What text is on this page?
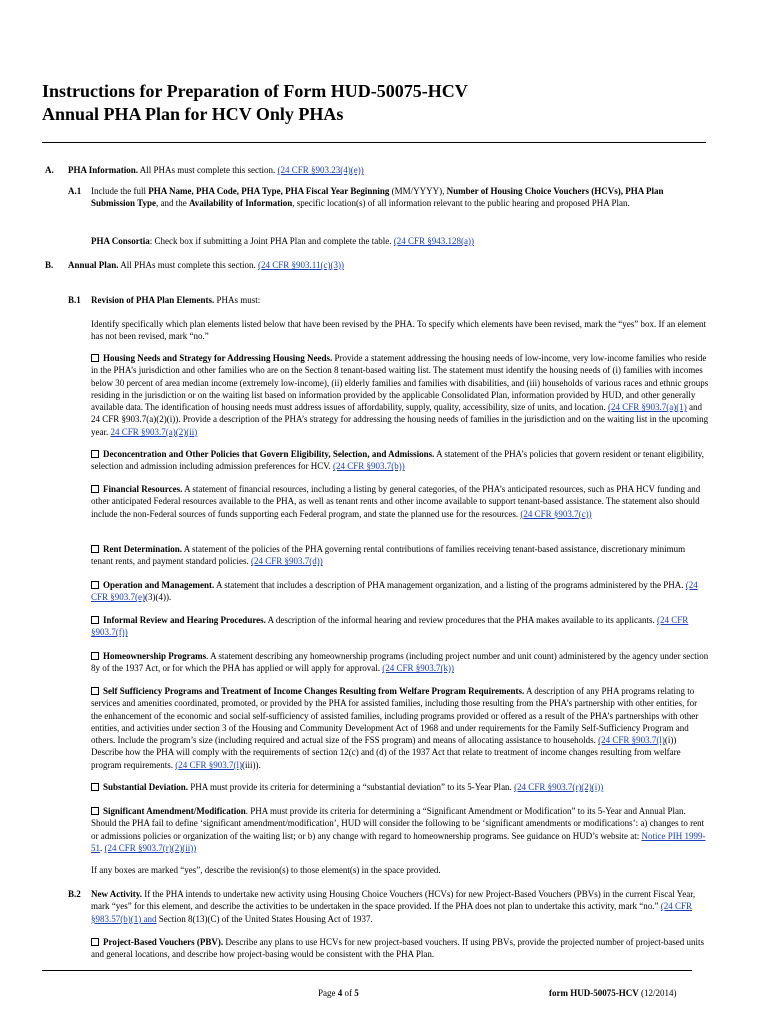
Instructions for Preparation of Form HUD-50075-HCV
Annual PHA Plan for HCV Only PHAs
A. PHA Information. All PHAs must complete this section. (24 CFR §903.23(4)(e))
A.1 Include the full PHA Name, PHA Code, PHA Type, PHA Fiscal Year Beginning (MM/YYYY), Number of Housing Choice Vouchers (HCVs), PHA Plan Submission Type, and the Availability of Information, specific location(s) of all information relevant to the public hearing and proposed PHA Plan.
PHA Consortia: Check box if submitting a Joint PHA Plan and complete the table. (24 CFR §943.128(a))
B. Annual Plan. All PHAs must complete this section. (24 CFR §903.11(c)(3))
B.1 Revision of PHA Plan Elements. PHAs must:
Identify specifically which plan elements listed below that have been revised by the PHA. To specify which elements have been revised, mark the “yes” box. If an element has not been revised, mark “no.”
Housing Needs and Strategy for Addressing Housing Needs. Provide a statement addressing the housing needs of low-income, very low-income families who reside in the PHA’s jurisdiction and other families who are on the Section 8 tenant-based waiting list. The statement must identify the housing needs of (i) families with incomes below 30 percent of area median income (extremely low-income), (ii) elderly families and families with disabilities, and (iii) households of various races and ethnic groups residing in the jurisdiction or on the waiting list based on information provided by the applicable Consolidated Plan, information provided by HUD, and other generally available data. The identification of housing needs must address issues of affordability, supply, quality, accessibility, size of units, and location. (24 CFR §903.7(a)(1) and 24 CFR §903.7(a)(2)(i)). Provide a description of the PHA’s strategy for addressing the housing needs of families in the jurisdiction and on the waiting list in the upcoming year. 24 CFR §903.7(a)(2)(ii)
Deconcentration and Other Policies that Govern Eligibility, Selection, and Admissions. A statement of the PHA’s policies that govern resident or tenant eligibility, selection and admission including admission preferences for HCV. (24 CFR §903.7(b))
Financial Resources. A statement of financial resources, including a listing by general categories, of the PHA’s anticipated resources, such as PHA HCV funding and other anticipated Federal resources available to the PHA, as well as tenant rents and other income available to support tenant-based assistance. The statement also should include the non-Federal sources of funds supporting each Federal program, and state the planned use for the resources. (24 CFR §903.7(c))
Rent Determination. A statement of the policies of the PHA governing rental contributions of families receiving tenant-based assistance, discretionary minimum tenant rents, and payment standard policies. (24 CFR §903.7(d))
Operation and Management. A statement that includes a description of PHA management organization, and a listing of the programs administered by the PHA. (24 CFR §903.7(e)(3)(4)).
Informal Review and Hearing Procedures. A description of the informal hearing and review procedures that the PHA makes available to its applicants. (24 CFR §903.7(f))
Homeownership Programs. A statement describing any homeownership programs (including project number and unit count) administered by the agency under section 8y of the 1937 Act, or for which the PHA has applied or will apply for approval. (24 CFR §903.7(k))
Self Sufficiency Programs and Treatment of Income Changes Resulting from Welfare Program Requirements. A description of any PHA programs relating to services and amenities coordinated, promoted, or provided by the PHA for assisted families, including those resulting from the PHA’s partnership with other entities, for the enhancement of the economic and social self-sufficiency of assisted families, including programs provided or offered as a result of the PHA’s partnerships with other entities, and activities under section 3 of the Housing and Community Development Act of 1968 and under requirements for the Family Self-Sufficiency Program and others. Include the program’s size (including required and actual size of the FSS program) and means of allocating assistance to households. (24 CFR §903.7(l)(i)) Describe how the PHA will comply with the requirements of section 12(c) and (d) of the 1937 Act that relate to treatment of income changes resulting from welfare program requirements. (24 CFR §903.7(l)(iii)).
Substantial Deviation. PHA must provide its criteria for determining a “substantial deviation” to its 5-Year Plan. (24 CFR §903.7(r)(2)(i))
Significant Amendment/Modification. PHA must provide its criteria for determining a “Significant Amendment or Modification” to its 5-Year and Annual Plan. Should the PHA fail to define ‘significant amendment/modification’, HUD will consider the following to be ‘significant amendments or modifications’: a) changes to rent or admissions policies or organization of the waiting list; or b) any change with regard to homeownership programs. See guidance on HUD’s website at: Notice PIH 1999-51. (24 CFR §903.7(r)(2)(ii))
If any boxes are marked “yes”, describe the revision(s) to those element(s) in the space provided.
B.2 New Activity. If the PHA intends to undertake new activity using Housing Choice Vouchers (HCVs) for new Project-Based Vouchers (PBVs) in the current Fiscal Year, mark “yes” for this element, and describe the activities to be undertaken in the space provided. If the PHA does not plan to undertake this activity, mark “no.” (24 CFR §983.57(b)(1) and Section 8(13)(C) of the United States Housing Act of 1937.
Project-Based Vouchers (PBV). Describe any plans to use HCVs for new project-based vouchers. If using PBVs, provide the projected number of project-based units and general locations, and describe how project-basing would be consistent with the PHA Plan.
Page 4 of 5	form HUD-50075-HCV (12/2014)
